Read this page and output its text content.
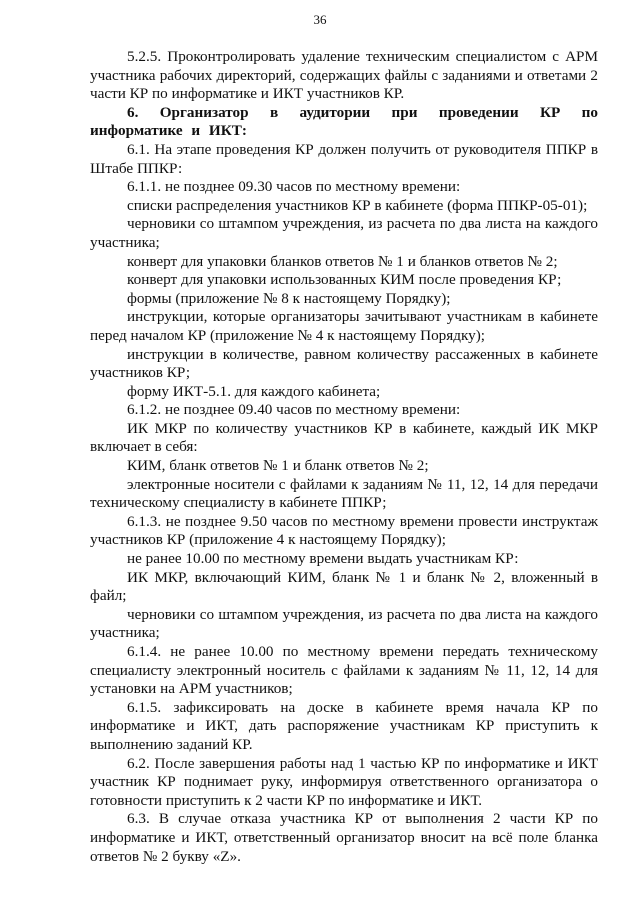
36

5.2.5. Проконтролировать удаление техническим специалистом с АРМ участника рабочих директорий, содержащих файлы с заданиями и ответами 2 части КР по информатике и ИКТ участников КР.

6. Организатор в аудитории при проведении КР по информатике и ИКТ:

6.1. На этапе проведения КР должен получить от руководителя ППКР в Штабе ППКР:

6.1.1. не позднее 09.30 часов по местному времени:

списки распределения участников КР в кабинете (форма ППКР-05-01);

черновики со штампом учреждения, из расчета по два листа на каждого участника;

конверт для упаковки бланков ответов № 1 и бланков ответов № 2;

конверт для упаковки использованных КИМ после проведения КР;

формы (приложение № 8 к настоящему Порядку);

инструкции, которые организаторы зачитывают участникам в кабинете перед началом КР (приложение № 4 к настоящему Порядку);

инструкции в количестве, равном количеству рассаженных в кабинете участников КР;

форму ИКТ-5.1. для каждого кабинета;

6.1.2. не позднее 09.40 часов по местному времени:

ИК МКР по количеству участников КР в кабинете, каждый ИК МКР включает в себя:

КИМ, бланк ответов № 1 и бланк ответов № 2;

электронные носители с файлами к заданиям № 11, 12, 14 для передачи техническому специалисту в кабинете ППКР;

6.1.3. не позднее 9.50 часов по местному времени провести инструктаж участников КР (приложение 4 к настоящему Порядку);

не ранее 10.00 по местному времени выдать участникам КР:

ИК МКР, включающий КИМ, бланк № 1 и бланк № 2, вложенный в файл;

черновики со штампом учреждения, из расчета по два листа на каждого участника;

6.1.4. не ранее 10.00 по местному времени передать техническому специалисту электронный носитель с файлами к заданиям № 11, 12, 14 для установки на АРМ участников;

6.1.5. зафиксировать на доске в кабинете время начала КР по информатике и ИКТ, дать распоряжение участникам КР приступить к выполнению заданий КР.

6.2. После завершения работы над 1 частью КР по информатике и ИКТ участник КР поднимает руку, информируя ответственного организатора о готовности приступить к 2 части КР по информатике и ИКТ.

6.3. В случае отказа участника КР от выполнения 2 части КР по информатике и ИКТ, ответственный организатор вносит на всё поле бланка ответов № 2 букву «Z».
